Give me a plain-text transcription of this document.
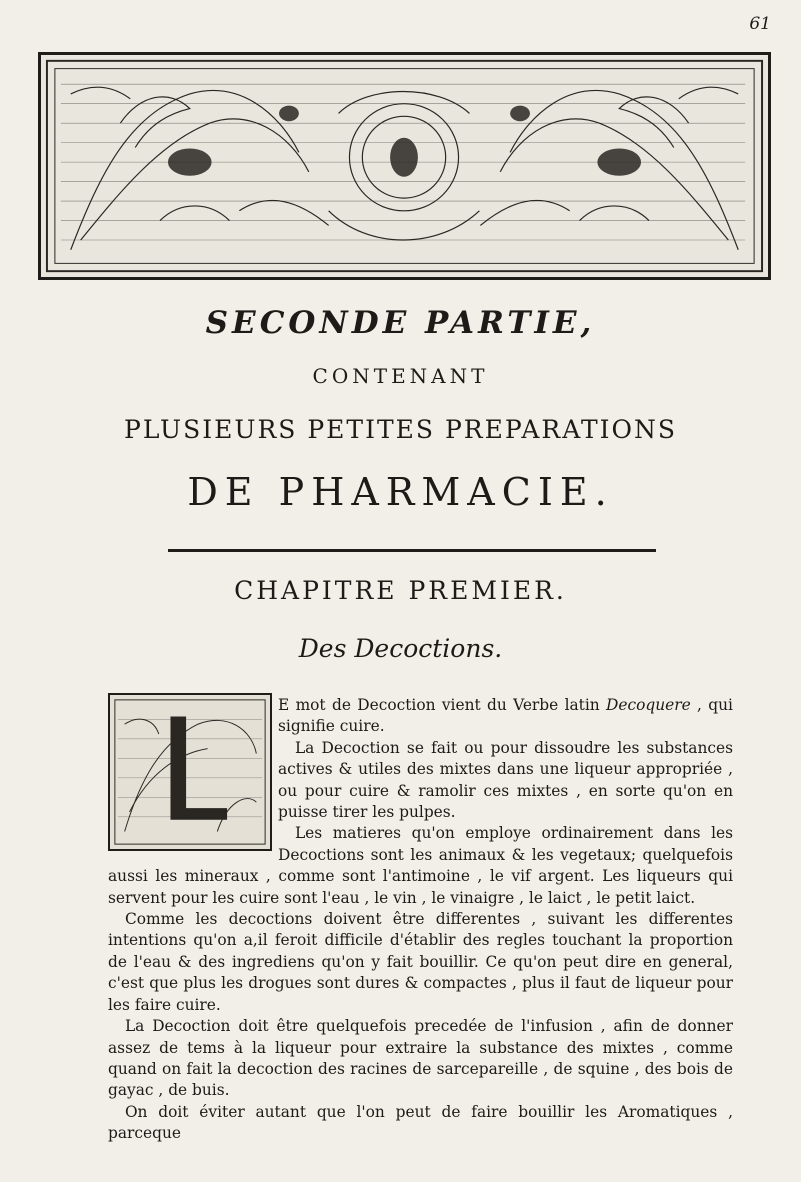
61
SECONDE PARTIE,
CONTENANT
PLUSIEURS PETITES PREPARATIONS
DE PHARMACIE.
CHAPITRE PREMIER.
Des Decoctions.

E mot de Decoction vient du Verbe latin Decoquere , qui signifie cuire.

La Decoction se fait ou pour dissoudre les substances actives & utiles des mixtes dans une liqueur appropriée , ou pour cuire & ramolir ces mixtes , en sorte qu'on en puisse tirer les pulpes.

Les matieres qu'on employe ordinairement dans les Decoctions sont les animaux & les vegetaux; quelquefois aussi les mineraux , comme sont l'antimoine , le vif argent. Les liqueurs qui servent pour les cuire sont l'eau , le vin , le vinaigre , le laict , le petit laict.

Comme les decoctions doivent être differentes , suivant les differentes intentions qu'on a,il feroit difficile d'établir des regles touchant la proportion de l'eau & des ingrediens qu'on y fait bouillir. Ce qu'on peut dire en general, c'est que plus les drogues sont dures & compactes , plus il faut de liqueur pour les faire cuire.

La Decoction doit être quelquefois precedée de l'infusion , afin de donner assez de tems à la liqueur pour extraire la substance des mixtes , comme quand on fait la decoction des racines de sarcepareille , de squine , des bois de gayac , de buis.

On doit éviter autant que l'on peut de faire bouillir les Aromatiques , parceque
